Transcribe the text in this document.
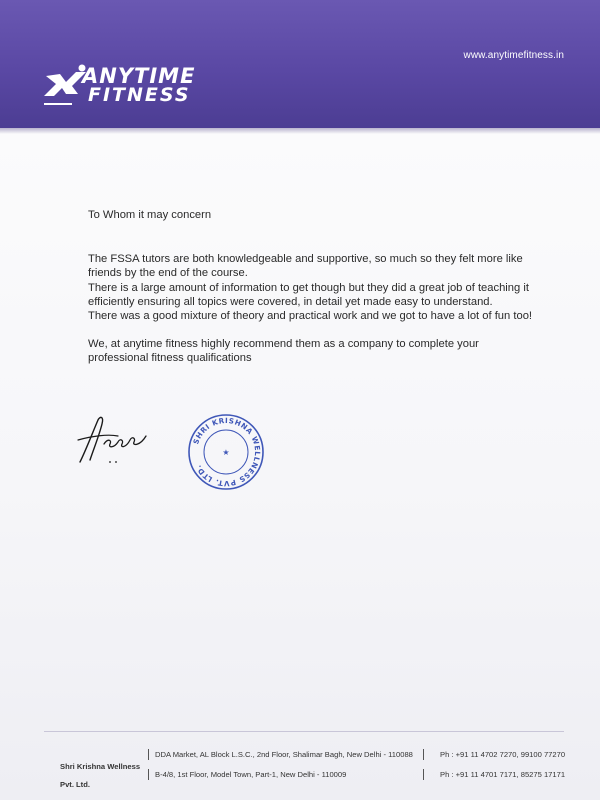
www.anytimefitness.in
ANYTIME
FITNESS

To Whom it may concern

The FSSA tutors are both knowledgeable and supportive, so much so they felt more like friends by the end of the course.

There is a large amount of information to get though but they did a great job of teaching it efficiently ensuring all topics were covered, in detail yet made easy to understand.

There was a good mixture of theory and practical work and we got to have a lot of fun too!

We, at anytime fitness highly recommend them as a company to complete your professional fitness qualifications

SHRI KRISHNA WELLNESS PVT. LTD.
★
Shri Krishna Wellness
Pvt. Ltd.
DDA Market, AL Block L.S.C., 2nd Floor, Shalimar Bagh, New Delhi - 110088	Ph : +91 11 4702 7270, 99100 77270
B-4/8, 1st Floor, Model Town, Part-1, New Delhi - 110009	Ph : +91 11 4701 7171, 85275 17171
